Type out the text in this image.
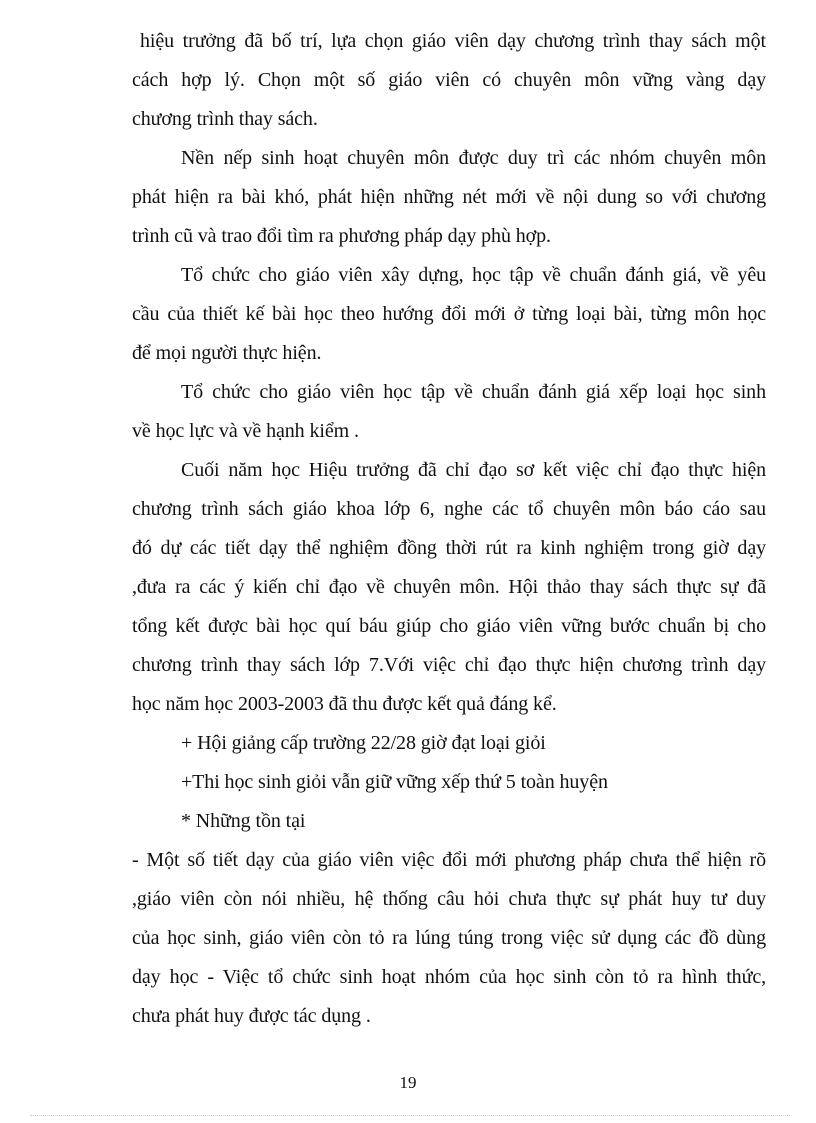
hiệu trưởng đã bố trí, lựa chọn giáo viên dạy chương trình thay sách một
cách hợp lý. Chọn một số giáo viên có chuyên môn vững vàng dạy
chương trình thay sách.
Nền nếp sinh hoạt chuyên môn được duy trì các nhóm chuyên môn
phát hiện ra bài khó, phát hiện những nét mới về nội dung so với chương
trình cũ và trao đổi tìm ra phương pháp dạy phù hợp.
Tổ chức cho giáo viên xây dựng, học tập về chuẩn đánh giá, về yêu
cầu của thiết kế bài học theo hướng đổi mới ở từng loại bài, từng môn học
để mọi người thực hiện.
Tổ chức cho giáo viên học tập về chuẩn đánh giá xếp loại học sinh
về học lực và về hạnh kiểm .
Cuối năm học Hiệu trưởng đã chỉ đạo sơ kết việc chỉ đạo thực hiện
chương trình sách giáo khoa lớp 6, nghe các tổ chuyên môn báo cáo sau
đó dự các tiết dạy thể nghiệm đồng thời rút ra kinh nghiệm trong giờ dạy
,đưa ra các ý kiến chỉ đạo về chuyên môn. Hội thảo thay sách thực sự đã
tổng kết được bài học quí báu giúp cho giáo viên vững bước chuẩn bị cho
chương trình thay sách lớp 7.Với việc chỉ đạo thực hiện chương trình dạy
học năm học 2003-2003 đã thu được kết quả đáng kể.
+ Hội giảng cấp trường 22/28 giờ đạt loại giỏi
+Thi học sinh giỏi vẫn giữ vững xếp thứ 5 toàn huyện
* Những tồn tại
- Một số tiết dạy của giáo viên việc đổi mới phương pháp chưa thể hiện rõ
,giáo viên còn nói nhiều, hệ thống câu hỏi chưa thực sự phát huy tư duy
của học sinh, giáo viên còn tỏ ra lúng túng trong việc sử dụng các đồ dùng
dạy học - Việc tổ chức sinh hoạt nhóm của học sinh còn tỏ ra hình thức,
chưa phát huy được tác dụng .
19
